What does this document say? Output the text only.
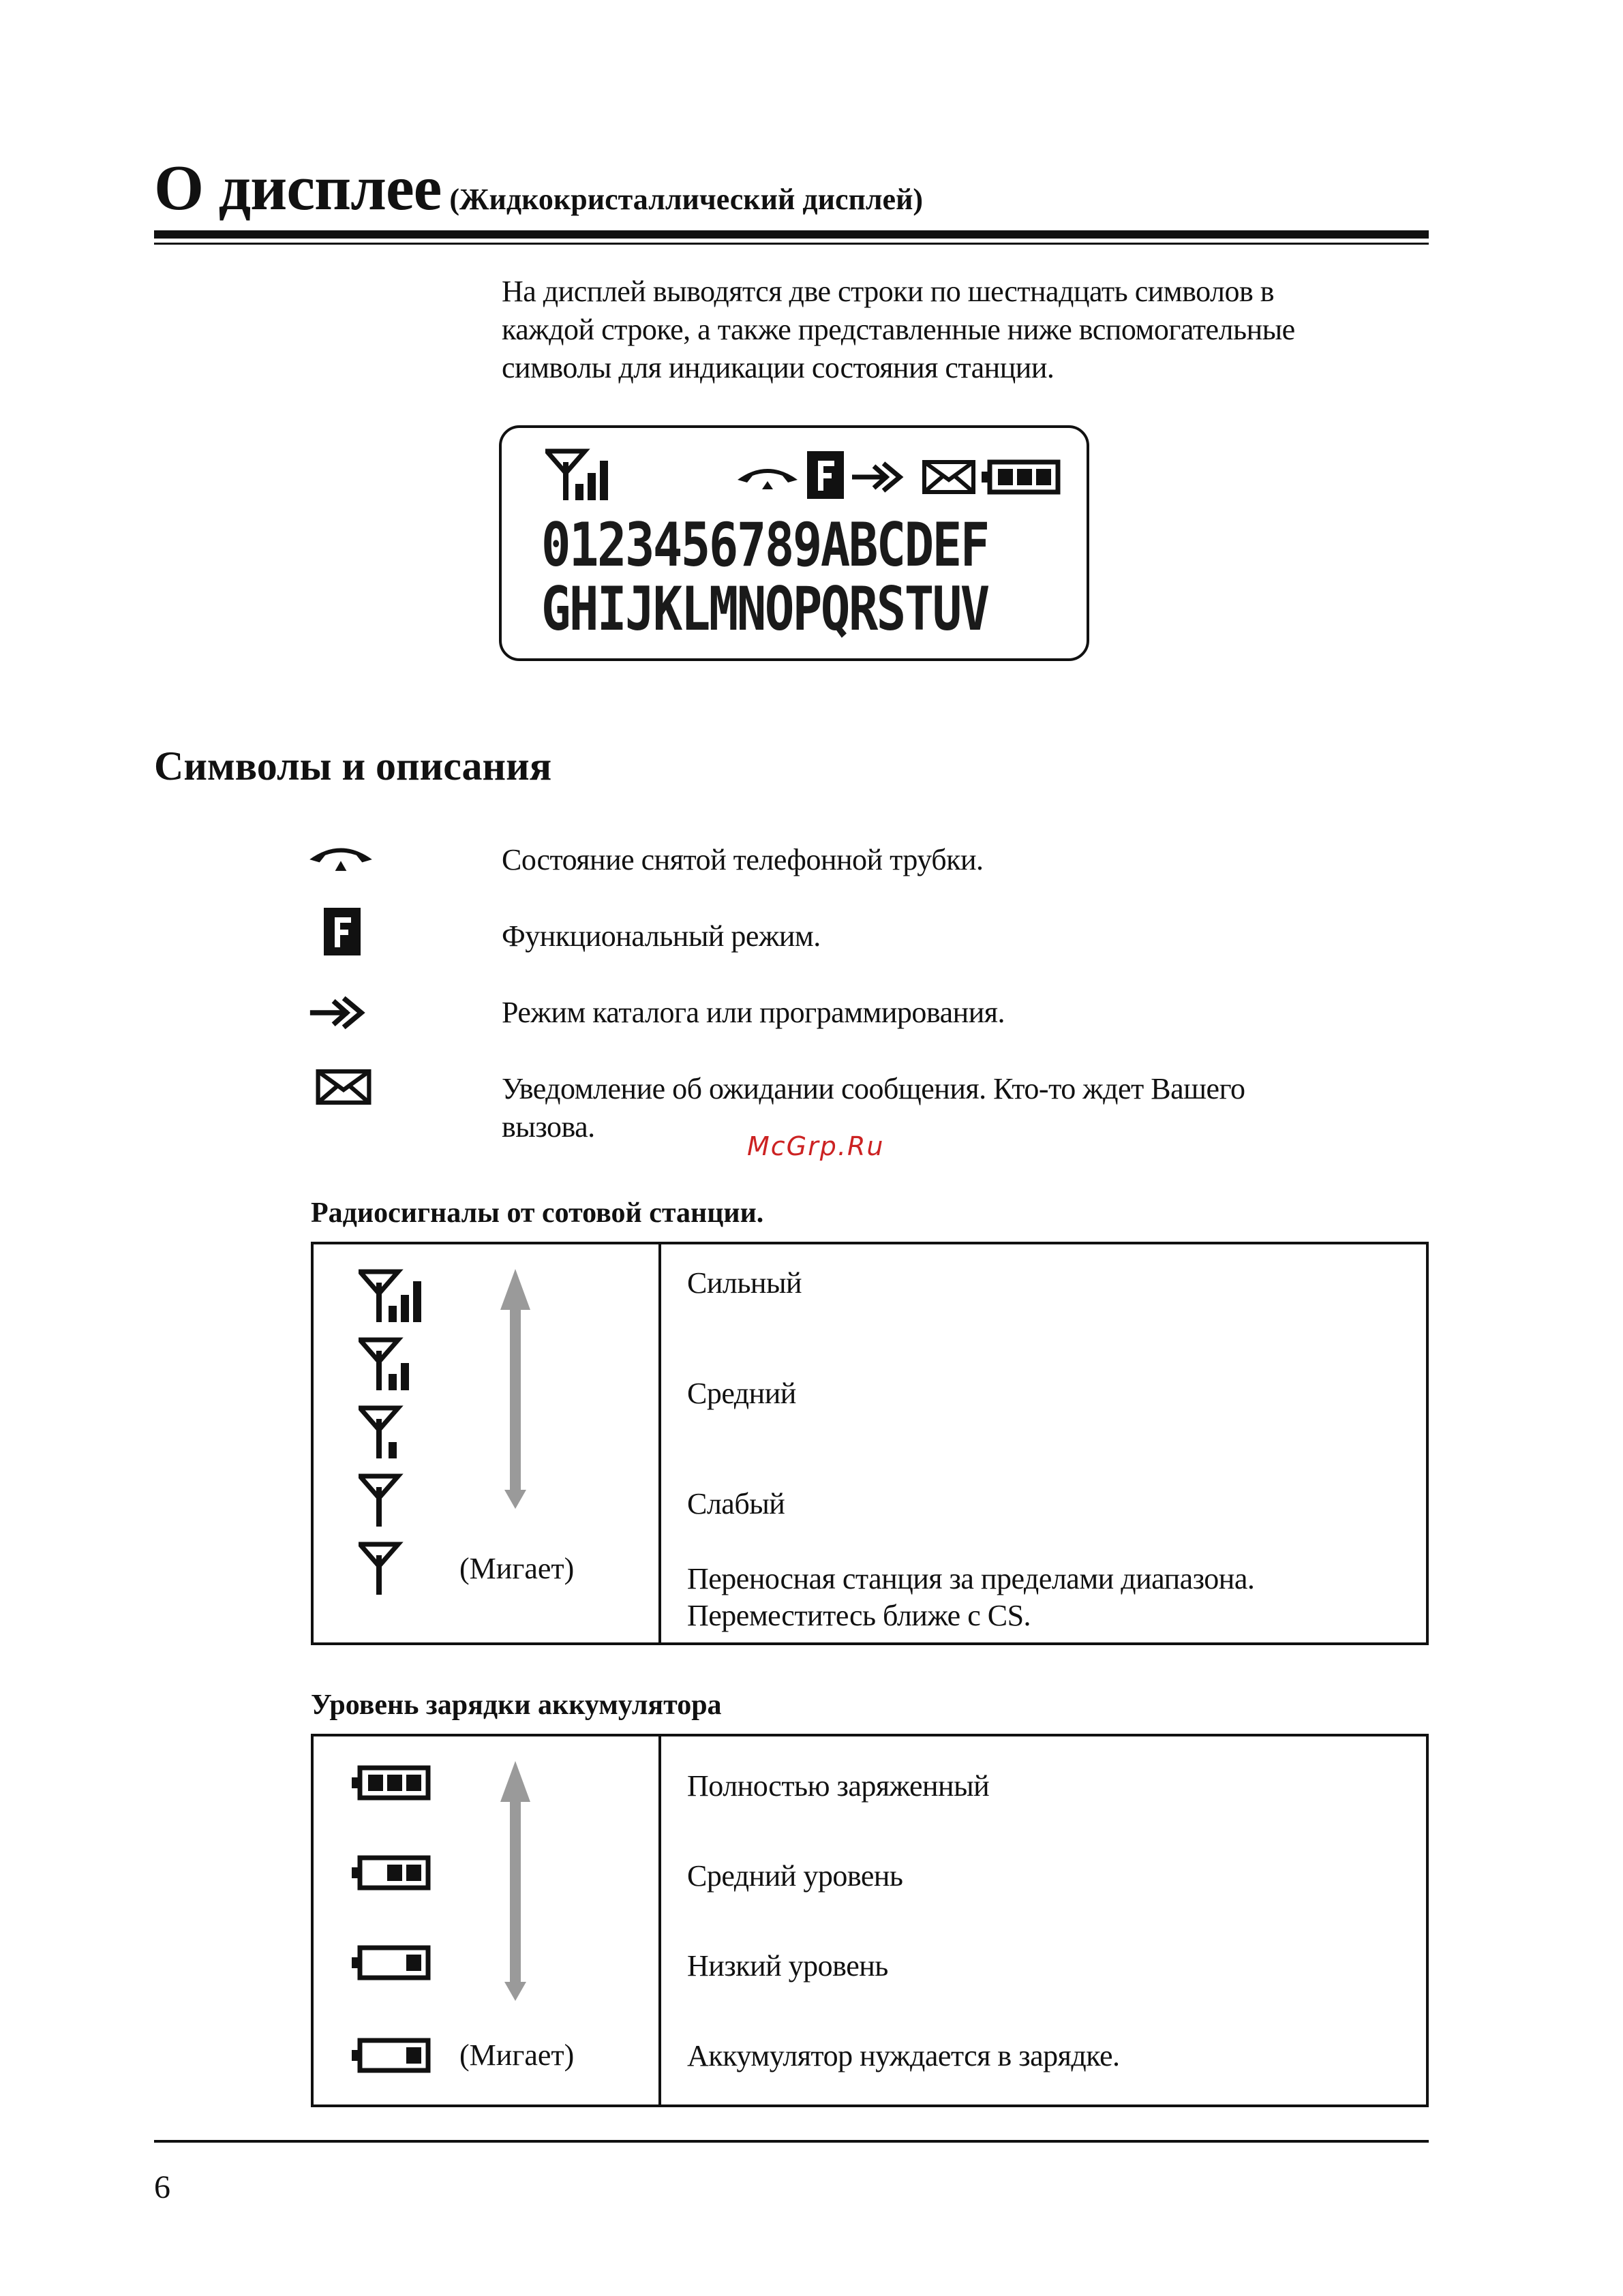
О дисплее (Жидкокристаллический дисплей)
На дисплей выводятся две строки по шестнадцать символов в
каждой строке, а также представленные ниже вспомогательные
символы для индикации состояния станции.
0123456789ABCDEF
GHIJKLMNOPQRSTUV
Символы и описания
Состояние снятой телефонной трубки.
Функциональный режим.
Режим каталога или программирования.
Уведомление об ожидании сообщения. Кто-то ждет Вашего
вызова.
McGrp.Ru
Радиосигналы от сотовой станции.
(Мигает)
Сильный
Средний
Слабый
Переносная станция за пределами диапазона.
Переместитесь ближе с CS.
Уровень зарядки аккумулятора
(Мигает)
Полностью заряженный
Средний уровень
Низкий уровень
Аккумулятор нуждается в зарядке.
6
